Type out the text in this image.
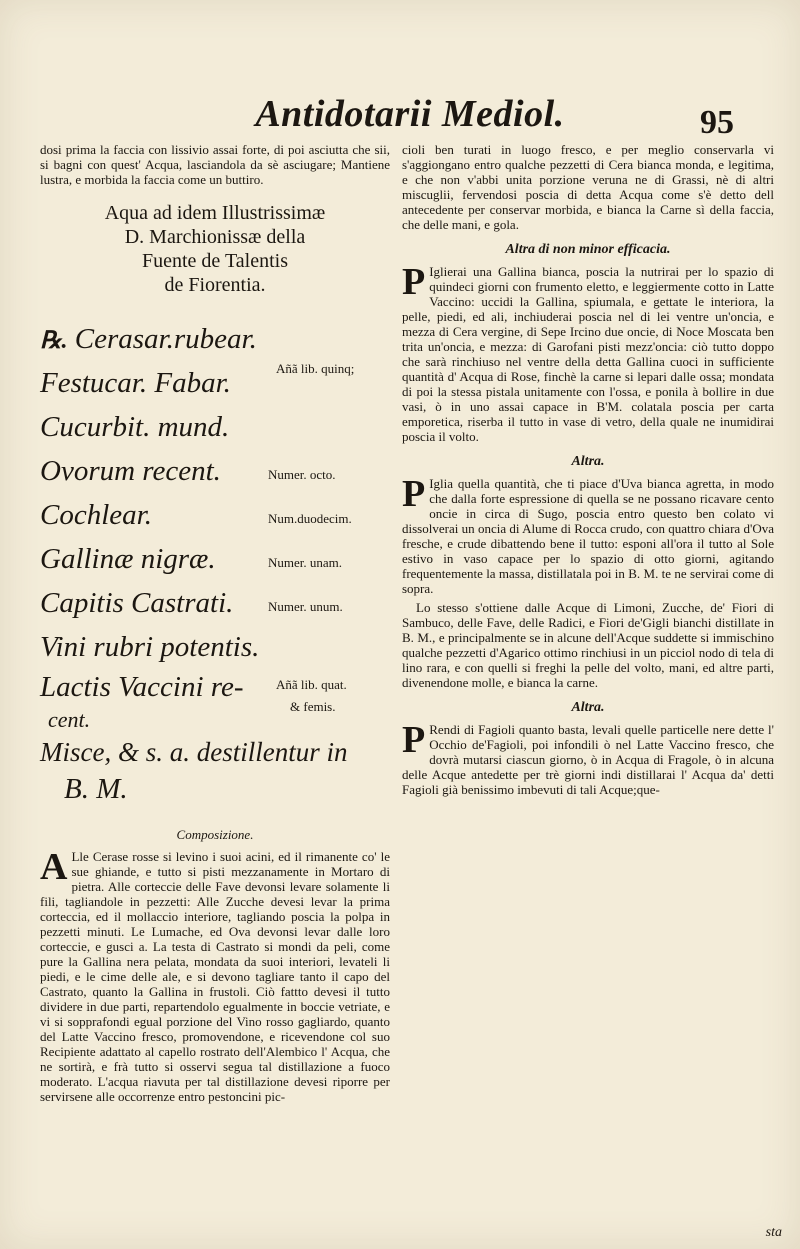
Antidotarii Mediol.	95

dosi prima la faccia con lissivio assai forte, di poi asciutta che sii, si bagni con quest' Acqua, lasciandola da sè asciugare; Mantiene lustra, e morbida la faccia come un buttiro.

Aqua ad idem Illustrissimæ
D. Marchionissæ della
Fuente de Talentis
de Fiorentia.
℞. Cerasar.rubear.
Festucar. Fabar.	Añã lib. quinq;
Cucurbit. mund.
Ovorum recent.	Numer. octo.
Cochlear.	Num.duodecim.
Gallinæ nigræ.	Numer. unam.
Capitis Castrati.	Numer. unum.
Vini rubri potentis.
Lactis Vaccini re-	Añã lib. quat.
cent.
& femis.
Misce, & s. a. destillentur in
B. M.
Composizione.

A Lle Cerase rosse si levino i suoi acini, ed il rimanente co' le sue ghiande, e tutto si pisti mezzanamente in Mortaro di pietra. Alle corteccie delle Fave devonsi levare solamente li fili, tagliandole in pezzetti: Alle Zucche devesi levar la prima corteccia, ed il mollaccio interiore, tagliando poscia la polpa in pezzetti minuti. Le Lumache, ed Ova devonsi levar dalle loro corteccie, e gusci a. La testa di Castrato si mondi da peli, come pure la Gallina nera pelata, mondata da suoi interiori, levateli li piedi, e le cime delle ale, e si devono tagliare tanto il capo del Castrato, quanto la Gallina in frustoli. Ciò fattto devesi il tutto dividere in due parti, repartendolo egualmente in boccie vetriate, e vi si sopprafondi egual porzione del Vino rosso gagliardo, quanto del Latte Vaccino fresco, promovendone, e ricevendone col suo Recipiente adattato al capello rostrato dell'Alembico l' Acqua, che ne sortirà, e frà tutto si osservi segua tal distillazione a fuoco moderato. L'acqua riavuta per tal distillazione devesi riporre per servirsene alle occorrenze entro pestoncini pic-

cioli ben turati in luogo fresco, e per meglio conservarla vi s'aggiongano entro qualche pezzetti di Cera bianca monda, e legitima, e che non v'abbi unita porzione veruna ne di Grassi, nè di altri miscuglii, fervendosi poscia di detta Acqua come s'è detto dell antecedente per conservar morbida, e bianca la Carne sì della faccia, che delle mani, e gola.

Altra di non minor efficacia.

P Iglierai una Gallina bianca, poscia la nutrirai per lo spazio di quindeci giorni con frumento eletto, e leggiermente cotto in Latte Vaccino: uccidi la Gallina, spiumala, e gettate le interiora, la pelle, piedi, ed ali, inchiuderai poscia nel di lei ventre un'oncia, e mezza di Cera vergine, di Sepe Ircino due oncie, di Noce Moscata ben trita un'oncia, e mezza: di Garofani pisti mezz'oncia: ciò tutto doppo che sarà rinchiuso nel ventre della detta Gallina cuoci in sufficiente quantità d' Acqua di Rose, finchè la carne si lepari dalle ossa; mondata di poi la stessa pistala unitamente con l'ossa, e ponila à bollire in due vasi, ò in uno assai capace in B'M. colatala poscia per carta emporetica, riserba il tutto in vase di vetro, della quale ne inumidirai poscia il volto.

Altra.

P Iglia quella quantità, che ti piace d'Uva bianca agretta, in modo che dalla forte espressione di quella se ne possano ricavare cento oncie in circa di Sugo, poscia entro questo ben colato vi dissolverai un oncia di Alume di Rocca crudo, con quattro chiara d'Ova fresche, e crude dibattendo bene il tutto: esponi all'ora il tutto al Sole estivo in vaso capace per lo spazio di otto giorni, agitando frequentemente la massa, distillatala poi in B. M. te ne servirai come di sopra.

Lo stesso s'ottiene dalle Acque di Limoni, Zucche, de' Fiori di Sambuco, delle Fave, delle Radici, e Fiori de'Gigli bianchi distillate in B. M., e principalmente se in alcune dell'Acque suddette si immischino qualche pezzetti d'Agarico ottimo rinchiusi in un picciol nodo di tela di lino rara, e con quelli si freghi la pelle del volto, mani, ed altre parti, divenendone molle, e bianca la carne.

Altra.

P Rendi di Fagioli quanto basta, levali quelle particelle nere dette l' Occhio de'Fagioli, poi infondili ò nel Latte Vaccino fresco, che dovrà mutarsi ciascun giorno, ò in Acqua di Fragole, ò in alcuna delle Acque antedette per trè giorni indi distillarai l' Acqua da' detti Fagioli già benissimo imbevuti di tali Acque;que-

sta
